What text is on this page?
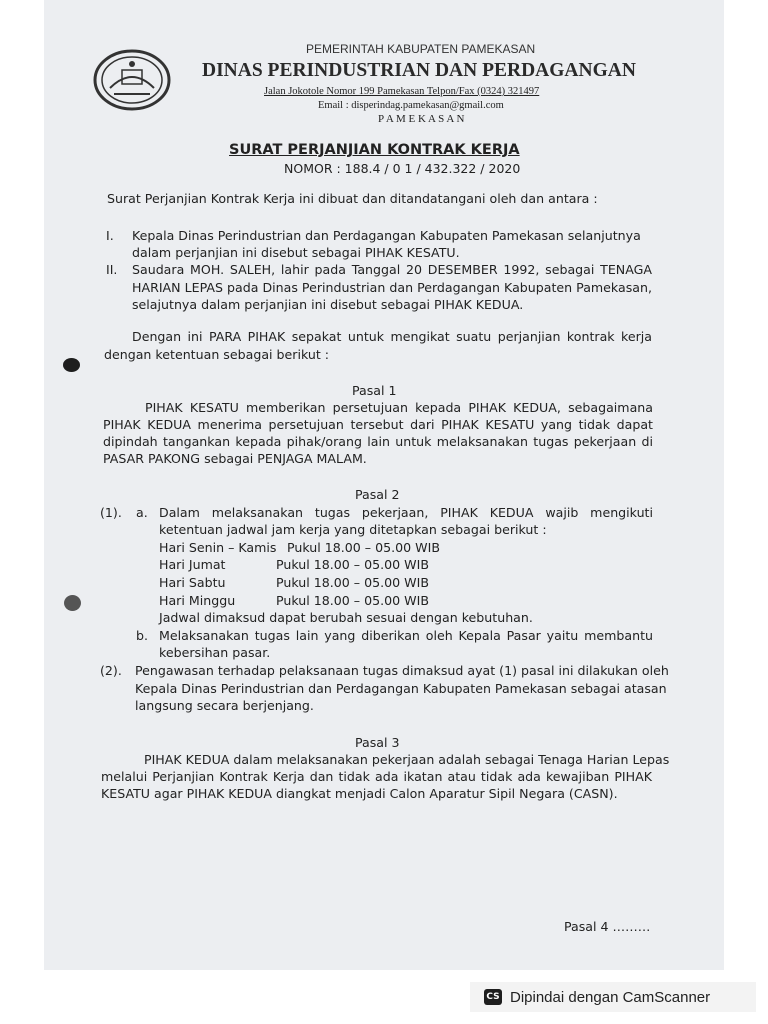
PEMERINTAH KABUPATEN PAMEKASAN
DINAS PERINDUSTRIAN DAN PERDAGANGAN
Jalan Jokotole Nomor 199 Pamekasan Telpon/Fax (0324) 321497
Email : disperindag.pamekasan@gmail.com
P A M E K A S A N
SURAT PERJANJIAN KONTRAK KERJA
NOMOR : 188.4 / 0 1 / 432.322 / 2020
Surat Perjanjian Kontrak Kerja ini dibuat dan ditandatangani oleh dan antara :
I. Kepala Dinas Perindustrian dan Perdagangan Kabupaten Pamekasan selanjutnya
dalam perjanjian ini disebut sebagai PIHAK KESATU.
II. Saudara MOH. SALEH, lahir pada Tanggal 20 DESEMBER 1992, sebagai TENAGA
HARIAN LEPAS pada Dinas Perindustrian dan Perdagangan Kabupaten Pamekasan,
selajutnya dalam perjanjian ini disebut sebagai PIHAK KEDUA.
Dengan ini PARA PIHAK sepakat untuk mengikat suatu perjanjian kontrak kerja
dengan ketentuan sebagai berikut :
Pasal 1
PIHAK KESATU memberikan persetujuan kepada PIHAK KEDUA, sebagaimana
PIHAK KEDUA menerima persetujuan tersebut dari PIHAK KESATU yang tidak dapat
dipindah tangankan kepada pihak/orang lain untuk melaksanakan tugas pekerjaan di
PASAR PAKONG sebagai PENJAGA MALAM.
Pasal 2
(1). a. Dalam melaksanakan tugas pekerjaan, PIHAK KEDUA wajib mengikuti
ketentuan jadwal jam kerja yang ditetapkan sebagai berikut :
Hari Senin – Kamis Pukul 18.00 – 05.00 WIB
Hari Jumat	Pukul 18.00 – 05.00 WIB
Hari Sabtu	Pukul 18.00 – 05.00 WIB
Hari Minggu	Pukul 18.00 – 05.00 WIB
Jadwal dimaksud dapat berubah sesuai dengan kebutuhan.
b. Melaksanakan tugas lain yang diberikan oleh Kepala Pasar yaitu membantu
kebersihan pasar.
(2). Pengawasan terhadap pelaksanaan tugas dimaksud ayat (1) pasal ini dilakukan oleh
Kepala Dinas Perindustrian dan Perdagangan Kabupaten Pamekasan sebagai atasan
langsung secara berjenjang.
Pasal 3
PIHAK KEDUA dalam melaksanakan pekerjaan adalah sebagai Tenaga Harian Lepas
melalui Perjanjian Kontrak Kerja dan tidak ada ikatan atau tidak ada kewajiban PIHAK
KESATU agar PIHAK KEDUA diangkat menjadi Calon Aparatur Sipil Negara (CASN).
Pasal 4 ………
CS Dipindai dengan CamScanner
